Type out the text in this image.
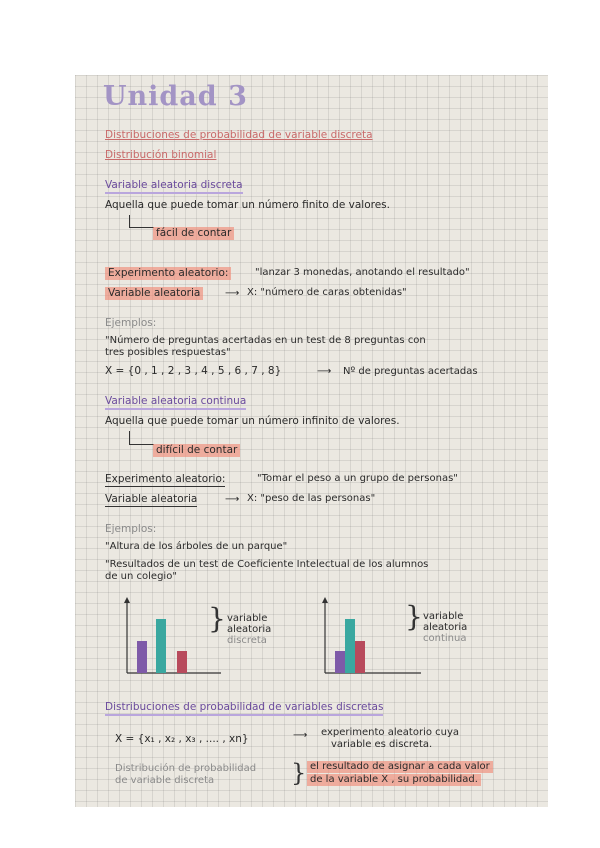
Unidad 3
Distribuciones de probabilidad de variable discreta
Distribución binomial
Variable aleatoria discreta
Aquella que puede tomar un número finito de valores.
fácil de contar
Experimento aleatorio:	"lanzar 3 monedas, anotando el resultado"
Variable aleatoria	⟶ X: "número de caras obtenidas"
Ejemplos:
"Número de preguntas acertadas en un test de 8 preguntas con
tres posibles respuestas"
X = {0 , 1 , 2 , 3 , 4 , 5 , 6 , 7 , 8}	⟶ Nº de preguntas acertadas
Variable aleatoria continua
Aquella que puede tomar un número infinito de valores.
difícil de contar
Experimento aleatorio:	"Tomar el peso a un grupo de personas"
Variable aleatoria	⟶ X: "peso de las personas"
Ejemplos:
"Altura de los árboles de un parque"
"Resultados de un test de Coeficiente Intelectual de los alumnos
de un colegio"
} variable
aleatoria
discreta
} variable
aleatoria
continua
Distribuciones de probabilidad de variables discretas
X = {x₁ , x₂ , x₃ , .... , xn}	⟶ experimento aleatorio cuya
variable es discreta.
Distribución de probabilidad
de variable discreta	} el resultado de asignar a cada valor
de la variable X , su probabilidad.
